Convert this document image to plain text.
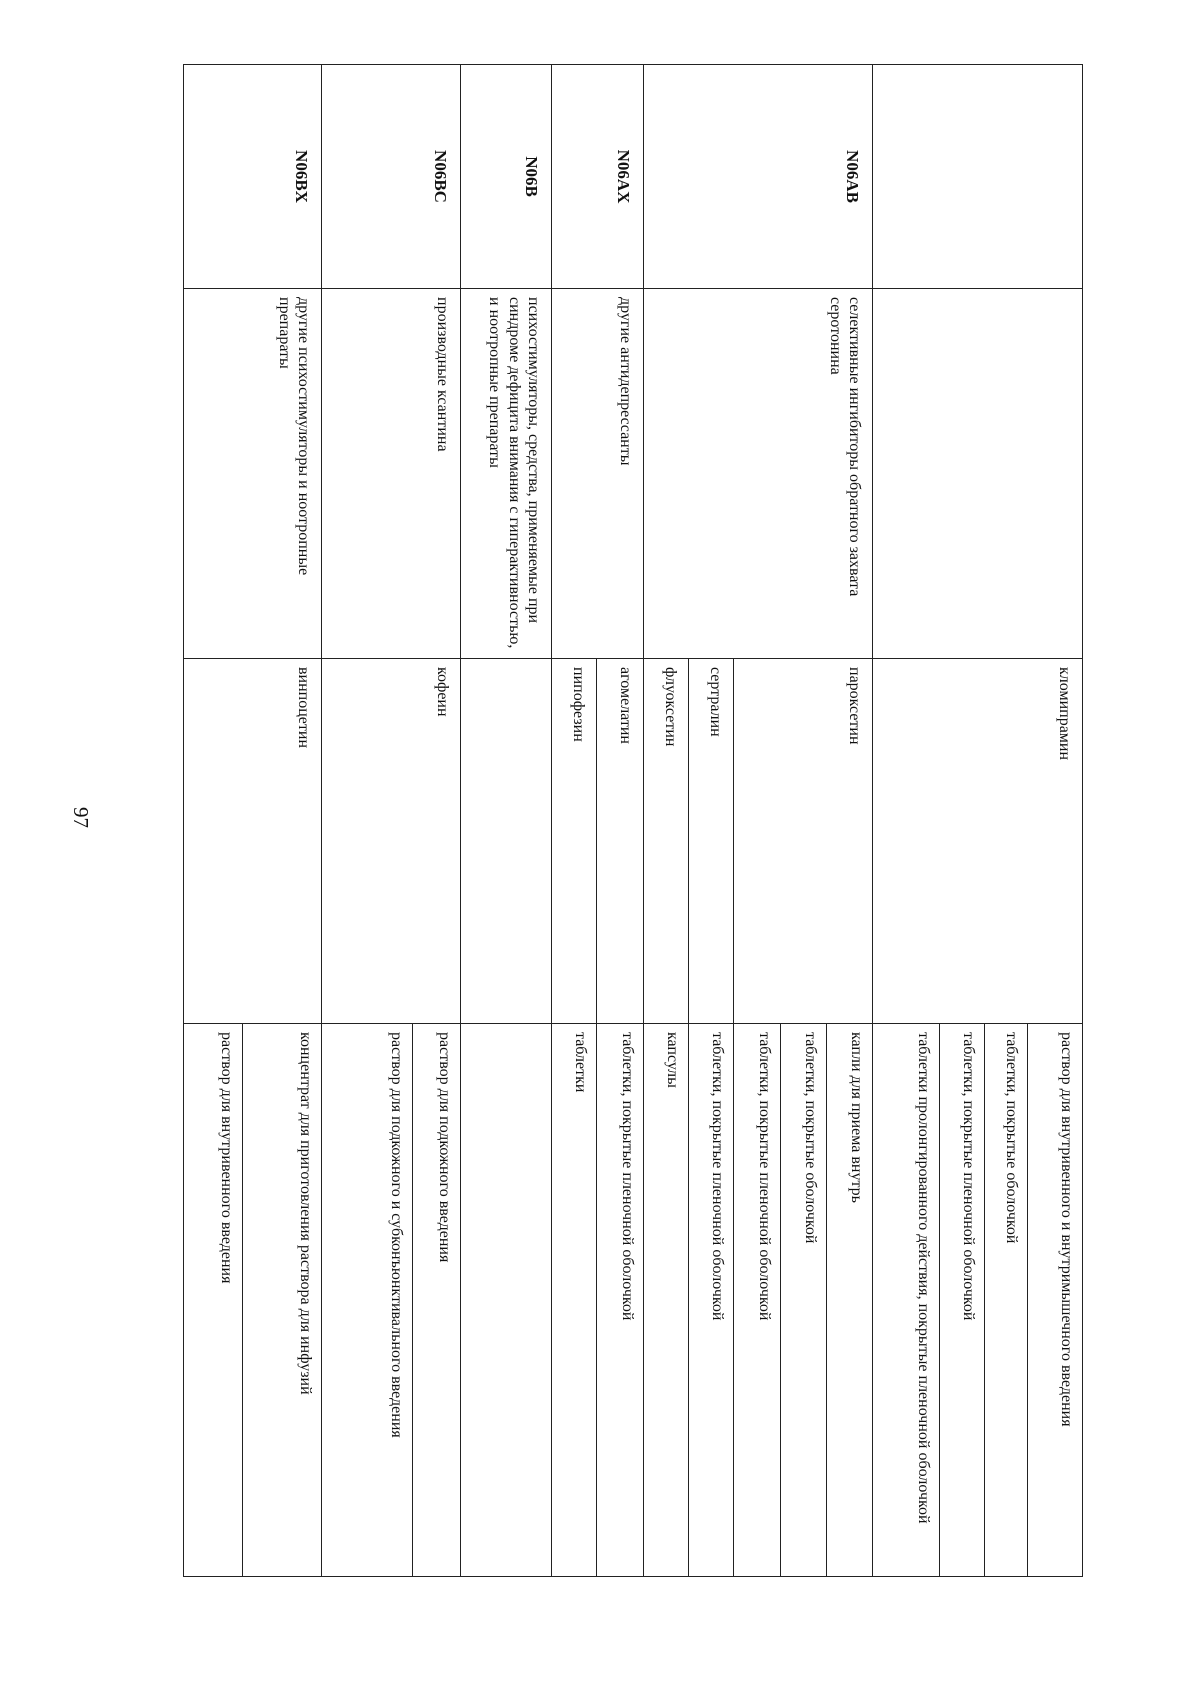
97
		кломипрамин	раствор для внутривенного и внутримышечного введения
			таблетки, покрытые оболочкой
			таблетки, покрытые пленочной оболочкой
			таблетки пролонгированного действия, покрытые пленочной оболочкой
N06AB	селективные ингибиторы обратного захвата серотонина	пароксетин	капли для приема внутрь
			таблетки, покрытые оболочкой
			таблетки, покрытые пленочной оболочкой
		сертралин	таблетки, покрытые пленочной оболочкой
		флуоксетин	капсулы
N06AX	другие антидепрессанты	агомелатин	таблетки, покрытые пленочной оболочкой
		пипофезин	таблетки
N06B	психостимуляторы, средства, применяемые при синдроме дефицита внимания с гиперактивностью, и ноотропные препараты		
N06BC	производные ксантина	кофеин	раствор для подкожного введения
			раствор для подкожного и субконъюнктивального введения
N06BX	другие психостимуляторы и ноотропные препараты	винпоцетин	концентрат для приготовления раствора для инфузий
			раствор для внутривенного введения
